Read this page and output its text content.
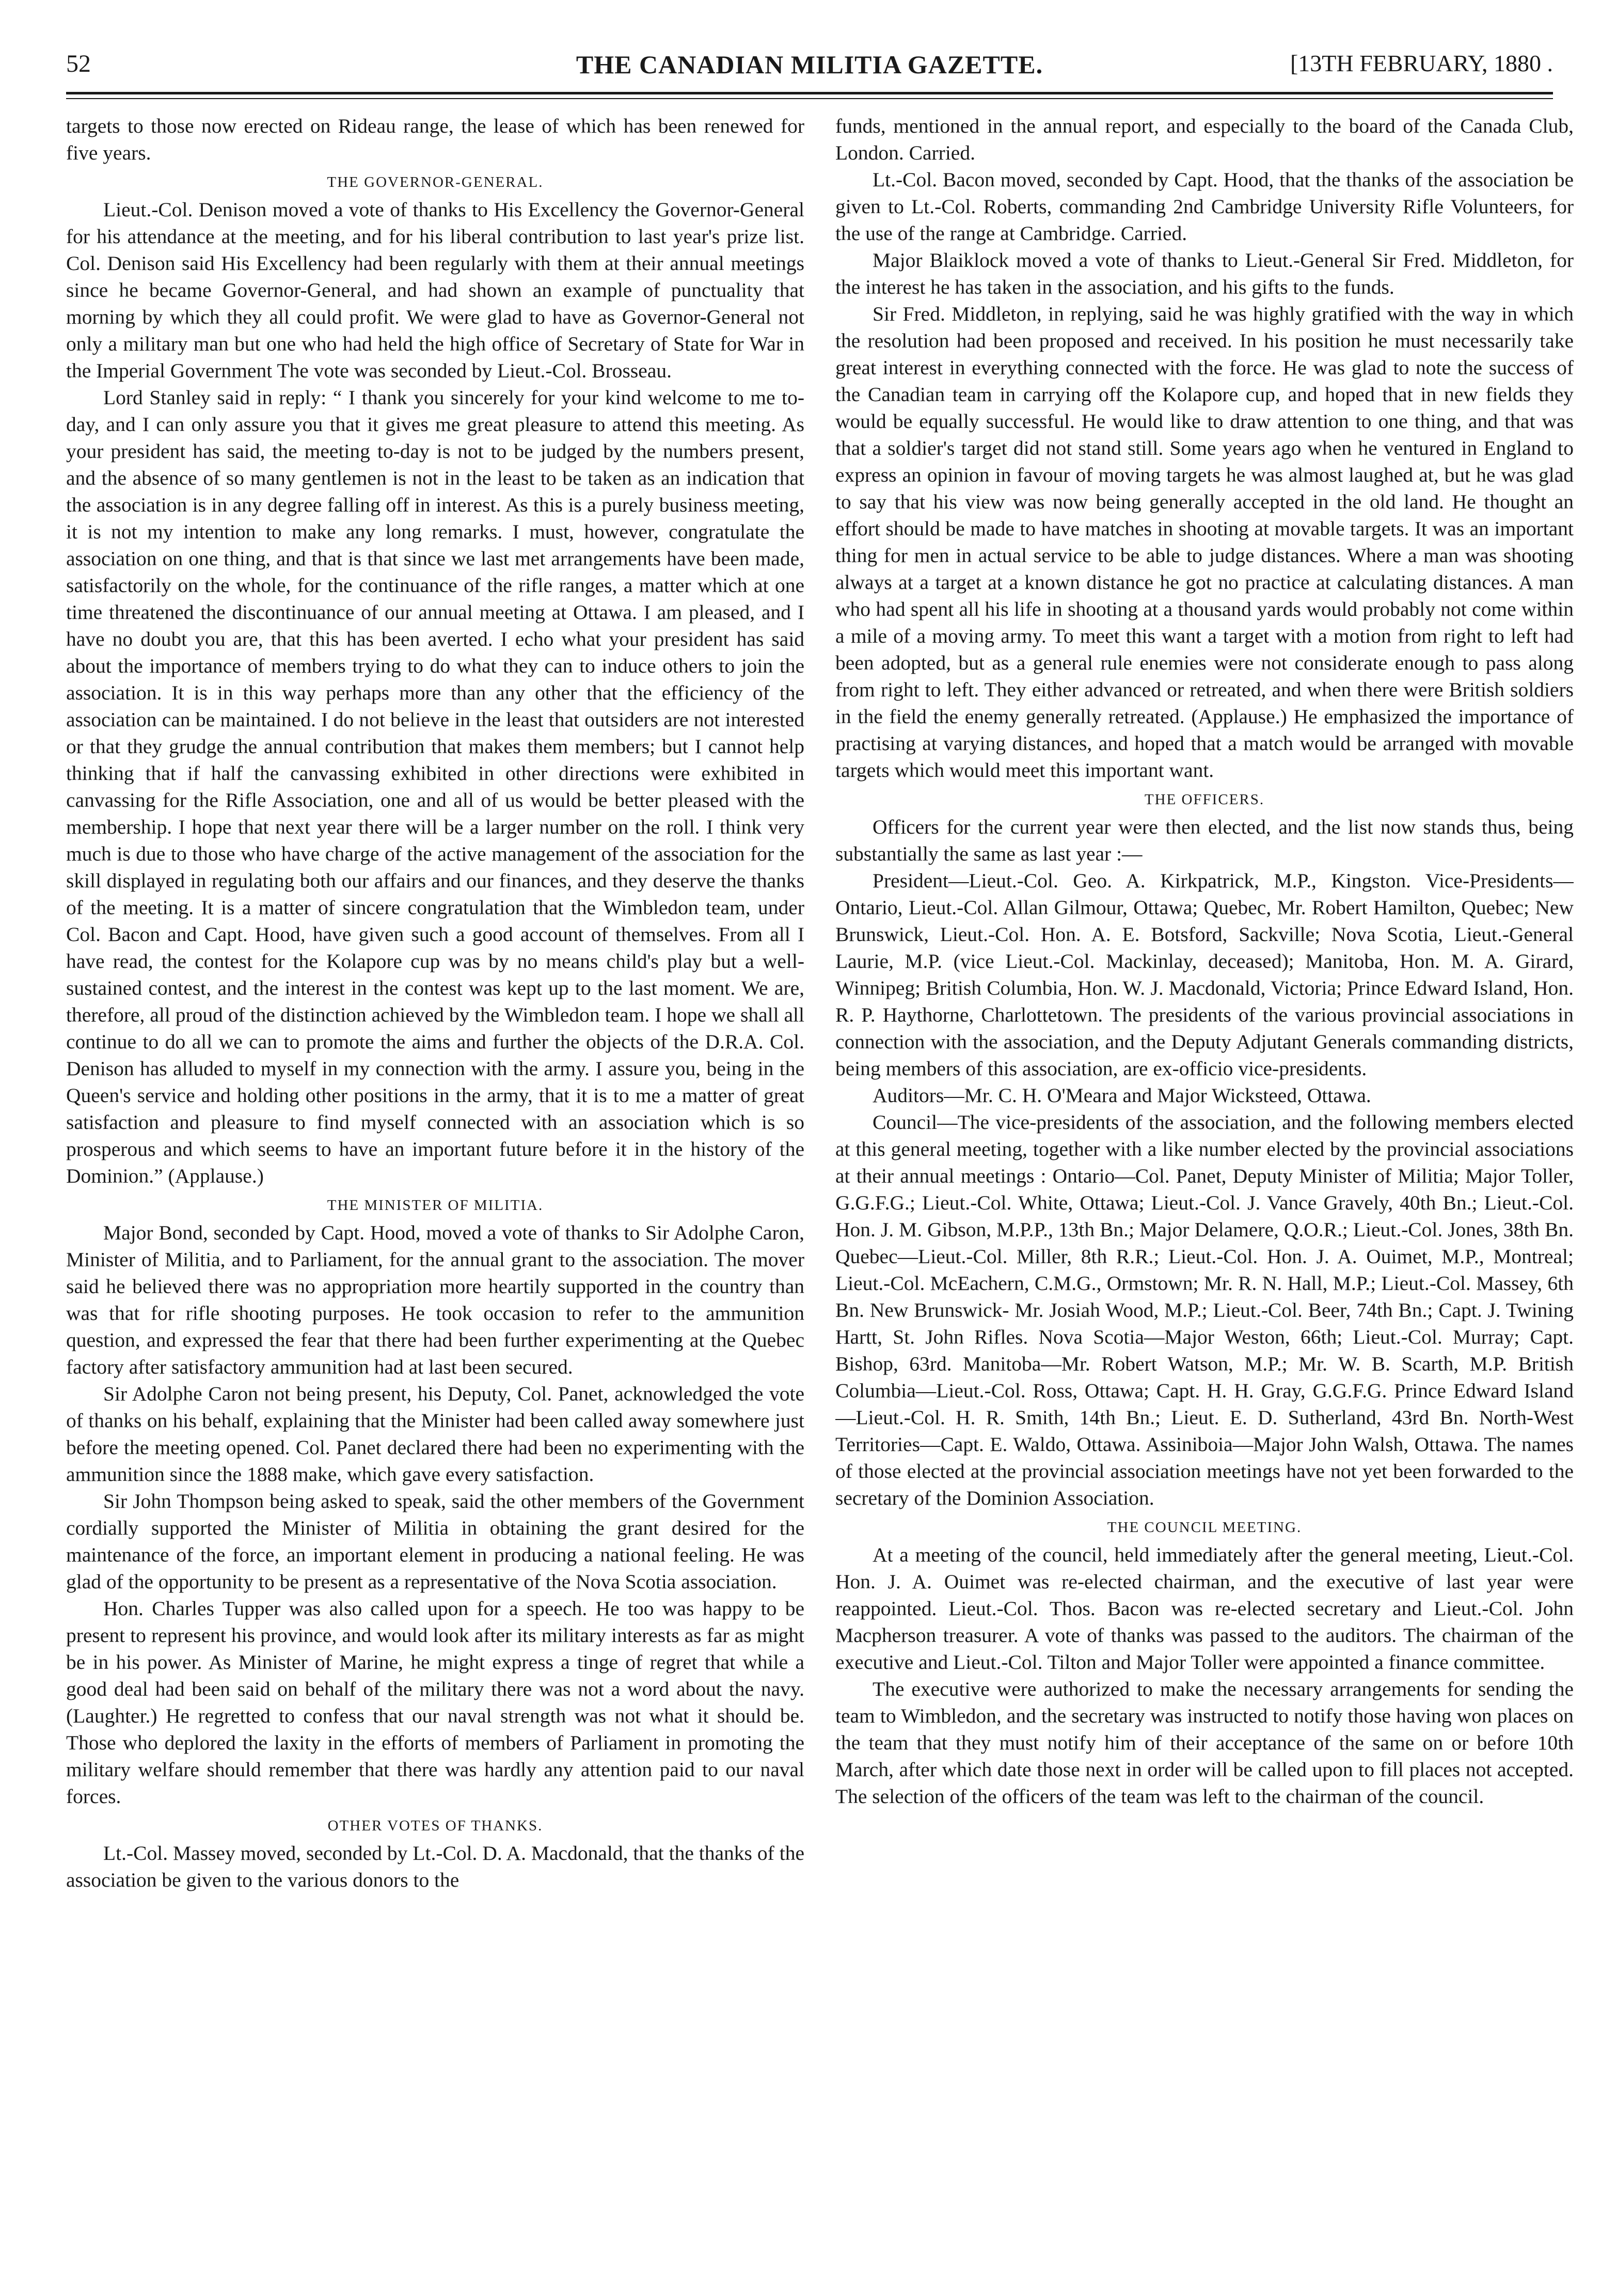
52	THE CANADIAN MILITIA GAZETTE.	[13TH FEBRUARY, 1880 .

targets to those now erected on Rideau range, the lease of which has been renewed for five years.

THE GOVERNOR-GENERAL.

Lieut.-Col. Denison moved a vote of thanks to His Excellency the Governor-General for his attendance at the meeting, and for his liberal contribution to last year's prize list. Col. Denison said His Excellency had been regularly with them at their annual meetings since he became Governor-General, and had shown an example of punctuality that morning by which they all could profit. We were glad to have as Governor-General not only a military man but one who had held the high office of Secretary of State for War in the Imperial Government The vote was seconded by Lieut.-Col. Brosseau.

Lord Stanley said in reply: “ I thank you sincerely for your kind welcome to me to-day, and I can only assure you that it gives me great pleasure to attend this meeting. As your president has said, the meeting to-day is not to be judged by the numbers present, and the absence of so many gentlemen is not in the least to be taken as an indication that the association is in any degree falling off in interest. As this is a purely business meeting, it is not my intention to make any long remarks. I must, however, congratulate the association on one thing, and that is that since we last met arrangements have been made, satisfactorily on the whole, for the continuance of the rifle ranges, a matter which at one time threatened the discontinuance of our annual meeting at Ottawa. I am pleased, and I have no doubt you are, that this has been averted. I echo what your president has said about the importance of members trying to do what they can to induce others to join the association. It is in this way perhaps more than any other that the efficiency of the association can be maintained. I do not believe in the least that outsiders are not interested or that they grudge the annual contribution that makes them members; but I cannot help thinking that if half the canvassing exhibited in other directions were exhibited in canvassing for the Rifle Association, one and all of us would be better pleased with the membership. I hope that next year there will be a larger number on the roll. I think very much is due to those who have charge of the active management of the association for the skill displayed in regulating both our affairs and our finances, and they deserve the thanks of the meeting. It is a matter of sincere congratulation that the Wimbledon team, under Col. Bacon and Capt. Hood, have given such a good account of themselves. From all I have read, the contest for the Kolapore cup was by no means child's play but a well-sustained contest, and the interest in the contest was kept up to the last moment. We are, therefore, all proud of the distinction achieved by the Wimbledon team. I hope we shall all continue to do all we can to promote the aims and further the objects of the D.R.A. Col. Denison has alluded to myself in my connection with the army. I assure you, being in the Queen's service and holding other positions in the army, that it is to me a matter of great satisfaction and pleasure to find myself connected with an association which is so prosperous and which seems to have an important future before it in the history of the Dominion.” (Applause.)

THE MINISTER OF MILITIA.

Major Bond, seconded by Capt. Hood, moved a vote of thanks to Sir Adolphe Caron, Minister of Militia, and to Parliament, for the annual grant to the association. The mover said he believed there was no appropriation more heartily supported in the country than was that for rifle shooting purposes. He took occasion to refer to the ammunition question, and expressed the fear that there had been further experimenting at the Quebec factory after satisfactory ammunition had at last been secured.

Sir Adolphe Caron not being present, his Deputy, Col. Panet, acknowledged the vote of thanks on his behalf, explaining that the Minister had been called away somewhere just before the meeting opened. Col. Panet declared there had been no experimenting with the ammunition since the 1888 make, which gave every satisfaction.

Sir John Thompson being asked to speak, said the other members of the Government cordially supported the Minister of Militia in obtaining the grant desired for the maintenance of the force, an important element in producing a national feeling. He was glad of the opportunity to be present as a representative of the Nova Scotia association.

Hon. Charles Tupper was also called upon for a speech. He too was happy to be present to represent his province, and would look after its military interests as far as might be in his power. As Minister of Marine, he might express a tinge of regret that while a good deal had been said on behalf of the military there was not a word about the navy. (Laughter.) He regretted to confess that our naval strength was not what it should be. Those who deplored the laxity in the efforts of members of Parliament in promoting the military welfare should remember that there was hardly any attention paid to our naval forces.

OTHER VOTES OF THANKS.

Lt.-Col. Massey moved, seconded by Lt.-Col. D. A. Macdonald, that the thanks of the association be given to the various donors to the

funds, mentioned in the annual report, and especially to the board of the Canada Club, London. Carried.

Lt.-Col. Bacon moved, seconded by Capt. Hood, that the thanks of the association be given to Lt.-Col. Roberts, commanding 2nd Cambridge University Rifle Volunteers, for the use of the range at Cambridge. Carried.

Major Blaiklock moved a vote of thanks to Lieut.-General Sir Fred. Middleton, for the interest he has taken in the association, and his gifts to the funds.

Sir Fred. Middleton, in replying, said he was highly gratified with the way in which the resolution had been proposed and received. In his position he must necessarily take great interest in everything connected with the force. He was glad to note the success of the Canadian team in carrying off the Kolapore cup, and hoped that in new fields they would be equally successful. He would like to draw attention to one thing, and that was that a soldier's target did not stand still. Some years ago when he ventured in England to express an opinion in favour of moving targets he was almost laughed at, but he was glad to say that his view was now being generally accepted in the old land. He thought an effort should be made to have matches in shooting at movable targets. It was an important thing for men in actual service to be able to judge distances. Where a man was shooting always at a target at a known distance he got no practice at calculating distances. A man who had spent all his life in shooting at a thousand yards would probably not come within a mile of a moving army. To meet this want a target with a motion from right to left had been adopted, but as a general rule enemies were not considerate enough to pass along from right to left. They either advanced or retreated, and when there were British soldiers in the field the enemy generally retreated. (Applause.) He emphasized the importance of practising at varying distances, and hoped that a match would be arranged with movable targets which would meet this important want.

THE OFFICERS.

Officers for the current year were then elected, and the list now stands thus, being substantially the same as last year :—

President—Lieut.-Col. Geo. A. Kirkpatrick, M.P., Kingston. Vice-Presidents—Ontario, Lieut.-Col. Allan Gilmour, Ottawa; Quebec, Mr. Robert Hamilton, Quebec; New Brunswick, Lieut.-Col. Hon. A. E. Botsford, Sackville; Nova Scotia, Lieut.-General Laurie, M.P. (vice Lieut.-Col. Mackinlay, deceased); Manitoba, Hon. M. A. Girard, Winnipeg; British Columbia, Hon. W. J. Macdonald, Victoria; Prince Edward Island, Hon. R. P. Haythorne, Charlottetown. The presidents of the various provincial associations in connection with the association, and the Deputy Adjutant Generals commanding districts, being members of this association, are ex-officio vice-presidents.

Auditors—Mr. C. H. O'Meara and Major Wicksteed, Ottawa.

Council—The vice-presidents of the association, and the following members elected at this general meeting, together with a like number elected by the provincial associations at their annual meetings : Ontario—Col. Panet, Deputy Minister of Militia; Major Toller, G.G.F.G.; Lieut.-Col. White, Ottawa; Lieut.-Col. J. Vance Gravely, 40th Bn.; Lieut.-Col. Hon. J. M. Gibson, M.P.P., 13th Bn.; Major Delamere, Q.O.R.; Lieut.-Col. Jones, 38th Bn. Quebec—Lieut.-Col. Miller, 8th R.R.; Lieut.-Col. Hon. J. A. Ouimet, M.P., Montreal; Lieut.-Col. McEachern, C.M.G., Ormstown; Mr. R. N. Hall, M.P.; Lieut.-Col. Massey, 6th Bn. New Brunswick- Mr. Josiah Wood, M.P.; Lieut.-Col. Beer, 74th Bn.; Capt. J. Twining Hartt, St. John Rifles. Nova Scotia—Major Weston, 66th; Lieut.-Col. Murray; Capt. Bishop, 63rd. Manitoba—Mr. Robert Watson, M.P.; Mr. W. B. Scarth, M.P. British Columbia—Lieut.-Col. Ross, Ottawa; Capt. H. H. Gray, G.G.F.G. Prince Edward Island—Lieut.-Col. H. R. Smith, 14th Bn.; Lieut. E. D. Sutherland, 43rd Bn. North-West Territories—Capt. E. Waldo, Ottawa. Assiniboia—Major John Walsh, Ottawa. The names of those elected at the provincial association meetings have not yet been forwarded to the secretary of the Dominion Association.

THE COUNCIL MEETING.

At a meeting of the council, held immediately after the general meeting, Lieut.-Col. Hon. J. A. Ouimet was re-elected chairman, and the executive of last year were reappointed. Lieut.-Col. Thos. Bacon was re-elected secretary and Lieut.-Col. John Macpherson treasurer. A vote of thanks was passed to the auditors. The chairman of the executive and Lieut.-Col. Tilton and Major Toller were appointed a finance committee.

The executive were authorized to make the necessary arrangements for sending the team to Wimbledon, and the secretary was instructed to notify those having won places on the team that they must notify him of their acceptance of the same on or before 10th March, after which date those next in order will be called upon to fill places not accepted. The selection of the officers of the team was left to the chairman of the council.
